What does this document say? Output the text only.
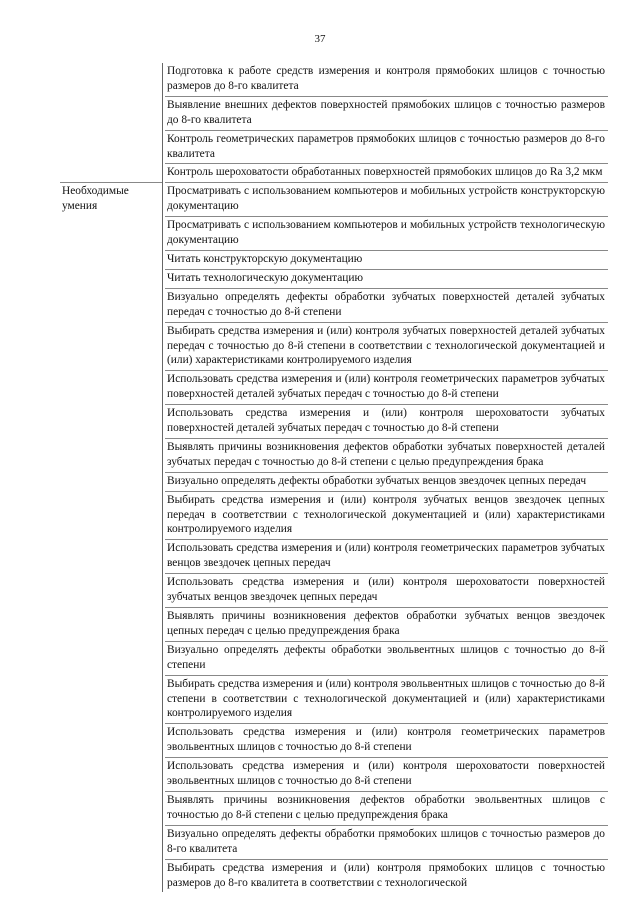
37
Необходимые умения
Подготовка к работе средств измерения и контроля прямобоких шлицов с точностью размеров до 8-го квалитета
Выявление внешних дефектов поверхностей прямобоких шлицов с точностью размеров до 8-го квалитета
Контроль геометрических параметров прямобоких шлицов с точностью размеров до 8-го квалитета
Контроль шероховатости обработанных поверхностей прямобоких шлицов до Ra 3,2 мкм
Просматривать с использованием компьютеров и мобильных устройств конструкторскую документацию
Просматривать с использованием компьютеров и мобильных устройств технологическую документацию
Читать конструкторскую документацию
Читать технологическую документацию
Визуально определять дефекты обработки зубчатых поверхностей деталей зубчатых передач с точностью до 8-й степени
Выбирать средства измерения и (или) контроля зубчатых поверхностей деталей зубчатых передач с точностью до 8-й степени в соответствии с технологической документацией и (или) характеристиками контролируемого изделия
Использовать средства измерения и (или) контроля геометрических параметров зубчатых поверхностей деталей зубчатых передач с точностью до 8-й степени
Использовать средства измерения и (или) контроля шероховатости зубчатых поверхностей деталей зубчатых передач с точностью до 8-й степени
Выявлять причины возникновения дефектов обработки зубчатых поверхностей деталей зубчатых передач с точностью до 8-й степени с целью предупреждения брака
Визуально определять дефекты обработки зубчатых венцов звездочек цепных передач
Выбирать средства измерения и (или) контроля зубчатых венцов звездочек цепных передач в соответствии с технологической документацией и (или) характеристиками контролируемого изделия
Использовать средства измерения и (или) контроля геометрических параметров зубчатых венцов звездочек цепных передач
Использовать средства измерения и (или) контроля шероховатости поверхностей зубчатых венцов звездочек цепных передач
Выявлять причины возникновения дефектов обработки зубчатых венцов звездочек цепных передач с целью предупреждения брака
Визуально определять дефекты обработки эвольвентных шлицов с точностью до 8-й степени
Выбирать средства измерения и (или) контроля эвольвентных шлицов с точностью до 8-й степени в соответствии с технологической документацией и (или) характеристиками контролируемого изделия
Использовать средства измерения и (или) контроля геометрических параметров эвольвентных шлицов с точностью до 8-й степени
Использовать средства измерения и (или) контроля шероховатости поверхностей эвольвентных шлицов с точностью до 8-й степени
Выявлять причины возникновения дефектов обработки эвольвентных шлицов с точностью до 8-й степени с целью предупреждения брака
Визуально определять дефекты обработки прямобоких шлицов с точностью размеров до 8-го квалитета
Выбирать средства измерения и (или) контроля прямобоких шлицов с точностью размеров до 8-го квалитета в соответствии с технологической
